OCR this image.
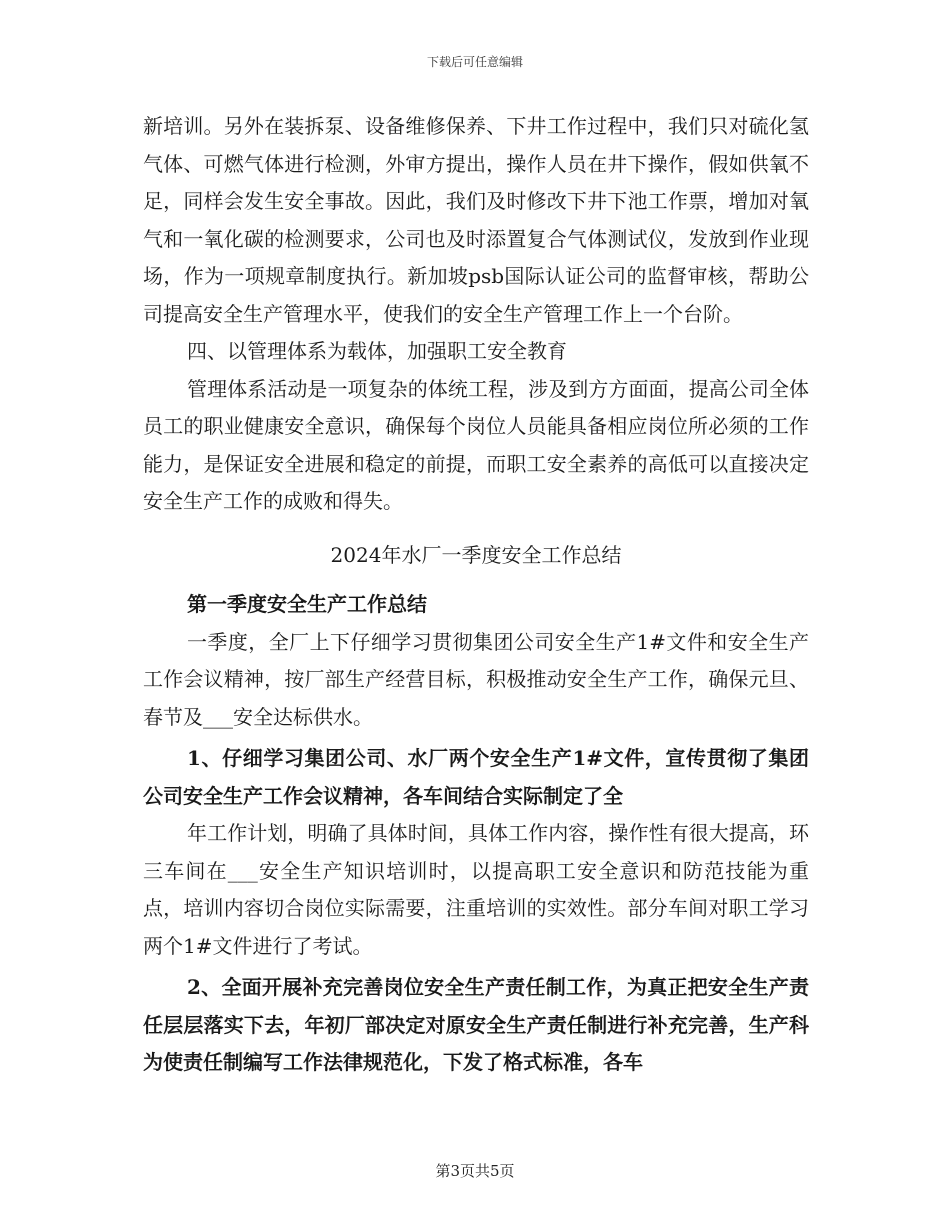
下载后可任意编辑

新培训。另外在装拆泵、设备维修保养、下井工作过程中，我们只对硫化氢气体、可燃气体进行检测，外审方提出，操作人员在井下操作，假如供氧不足，同样会发生安全事故。因此，我们及时修改下井下池工作票，增加对氧气和一氧化碳的检测要求，公司也及时添置复合气体测试仪，发放到作业现场，作为一项规章制度执行。新加坡psb国际认证公司的监督审核，帮助公司提高安全生产管理水平，使我们的安全生产管理工作上一个台阶。

四、以管理体系为载体，加强职工安全教育

管理体系活动是一项复杂的体统工程，涉及到方方面面，提高公司全体员工的职业健康安全意识，确保每个岗位人员能具备相应岗位所必须的工作能力，是保证安全进展和稳定的前提，而职工安全素养的高低可以直接决定安全生产工作的成败和得失。

2024年水厂一季度安全工作总结

第一季度安全生产工作总结

一季度，全厂上下仔细学习贯彻集团公司安全生产1#文件和安全生产工作会议精神，按厂部生产经营目标，积极推动安全生产工作，确保元旦、春节及___安全达标供水。

1、仔细学习集团公司、水厂两个安全生产1#文件，宣传贯彻了集团公司安全生产工作会议精神，各车间结合实际制定了全

年工作计划，明确了具体时间，具体工作内容，操作性有很大提高，环三车间在___安全生产知识培训时，以提高职工安全意识和防范技能为重点，培训内容切合岗位实际需要，注重培训的实效性。部分车间对职工学习两个1#文件进行了考试。

2、全面开展补充完善岗位安全生产责任制工作，为真正把安全生产责任层层落实下去，年初厂部决定对原安全生产责任制进行补充完善，生产科为使责任制编写工作法律规范化，下发了格式标准，各车

第3页共5页
